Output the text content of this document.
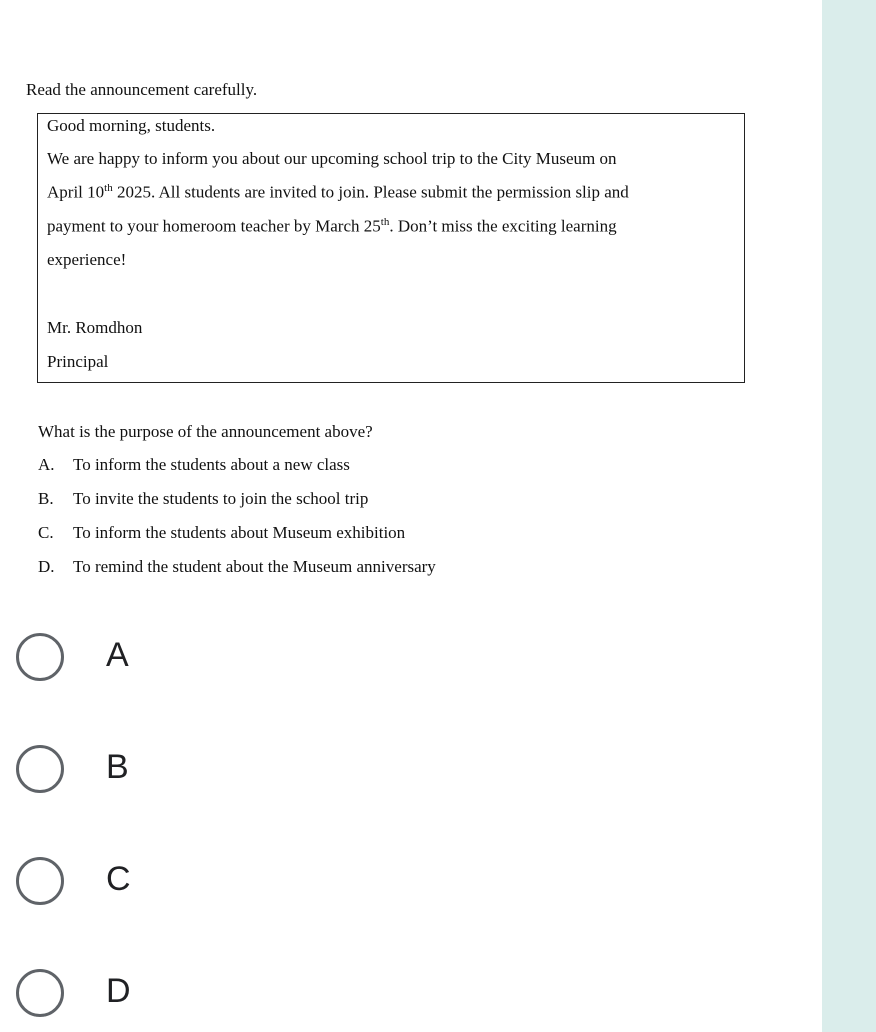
Read the announcement carefully.
Good morning, students.
We are happy to inform you about our upcoming school trip to the City Museum on
April 10th 2025. All students are invited to join. Please submit the permission slip and
payment to your homeroom teacher by March 25th. Don’t miss the exciting learning
experience!
Mr. Romdhon
Principal
What is the purpose of the announcement above?
A. To inform the students about a new class
B. To invite the students to join the school trip
C. To inform the students about Museum exhibition
D. To remind the student about the Museum anniversary
A
B
C
D
